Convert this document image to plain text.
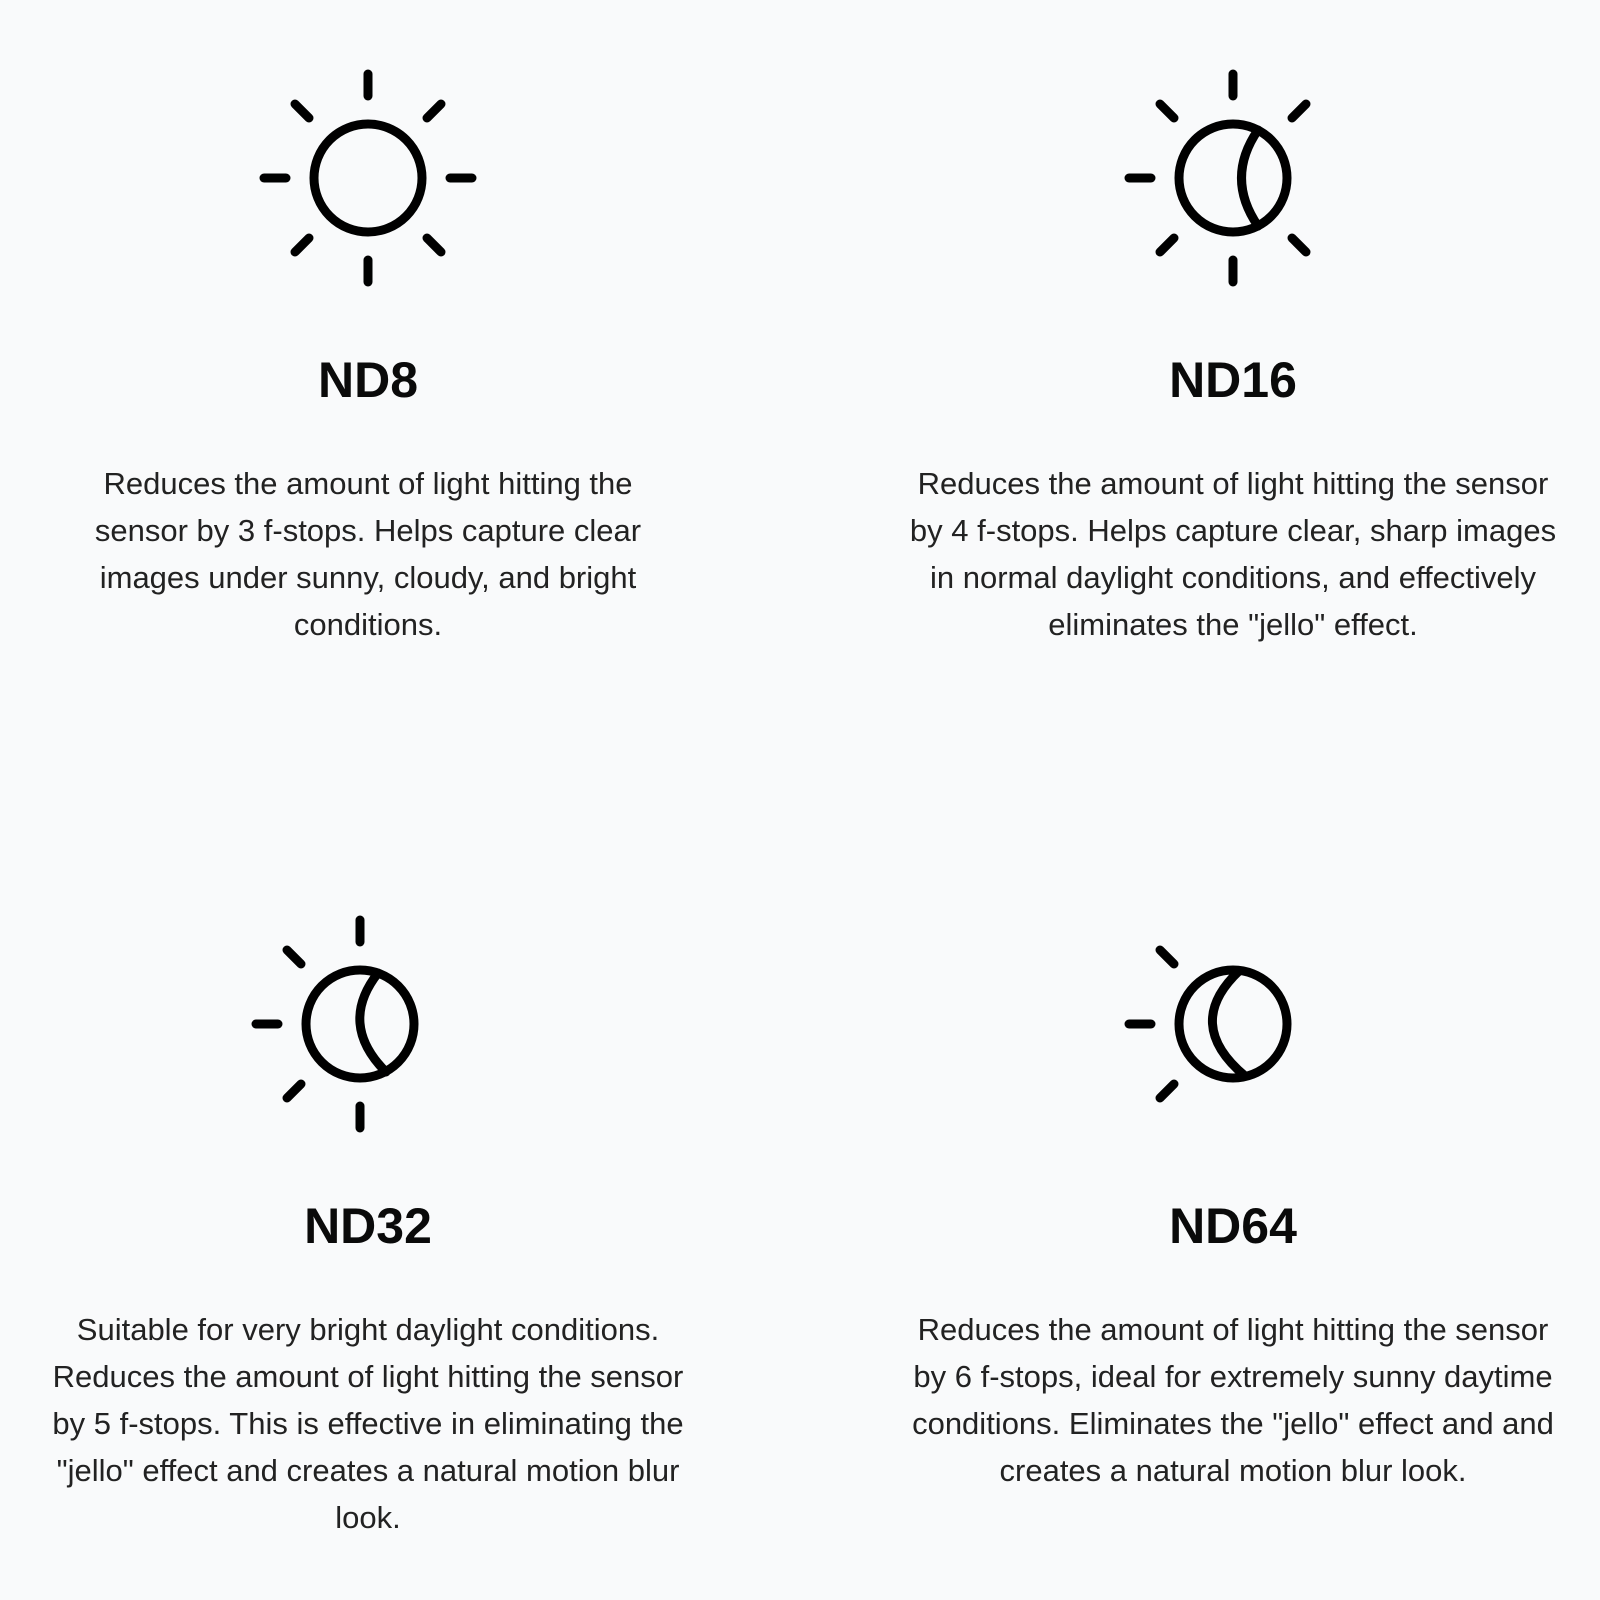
ND8

Reduces the amount of light hitting the sensor by 3 f-stops. Helps capture clear images under sunny, cloudy, and bright conditions.

ND16

Reduces the amount of light hitting the sensor by 4 f-stops. Helps capture clear, sharp images in normal daylight conditions, and effectively eliminates the "jello" effect.

ND32

Suitable for very bright daylight conditions. Reduces the amount of light hitting the sensor by 5 f-stops. This is effective in eliminating the "jello" effect and creates a natural motion blur look.

ND64

Reduces the amount of light hitting the sensor by 6 f-stops, ideal for extremely sunny daytime conditions. Eliminates the "jello" effect and and creates a natural motion blur look.
